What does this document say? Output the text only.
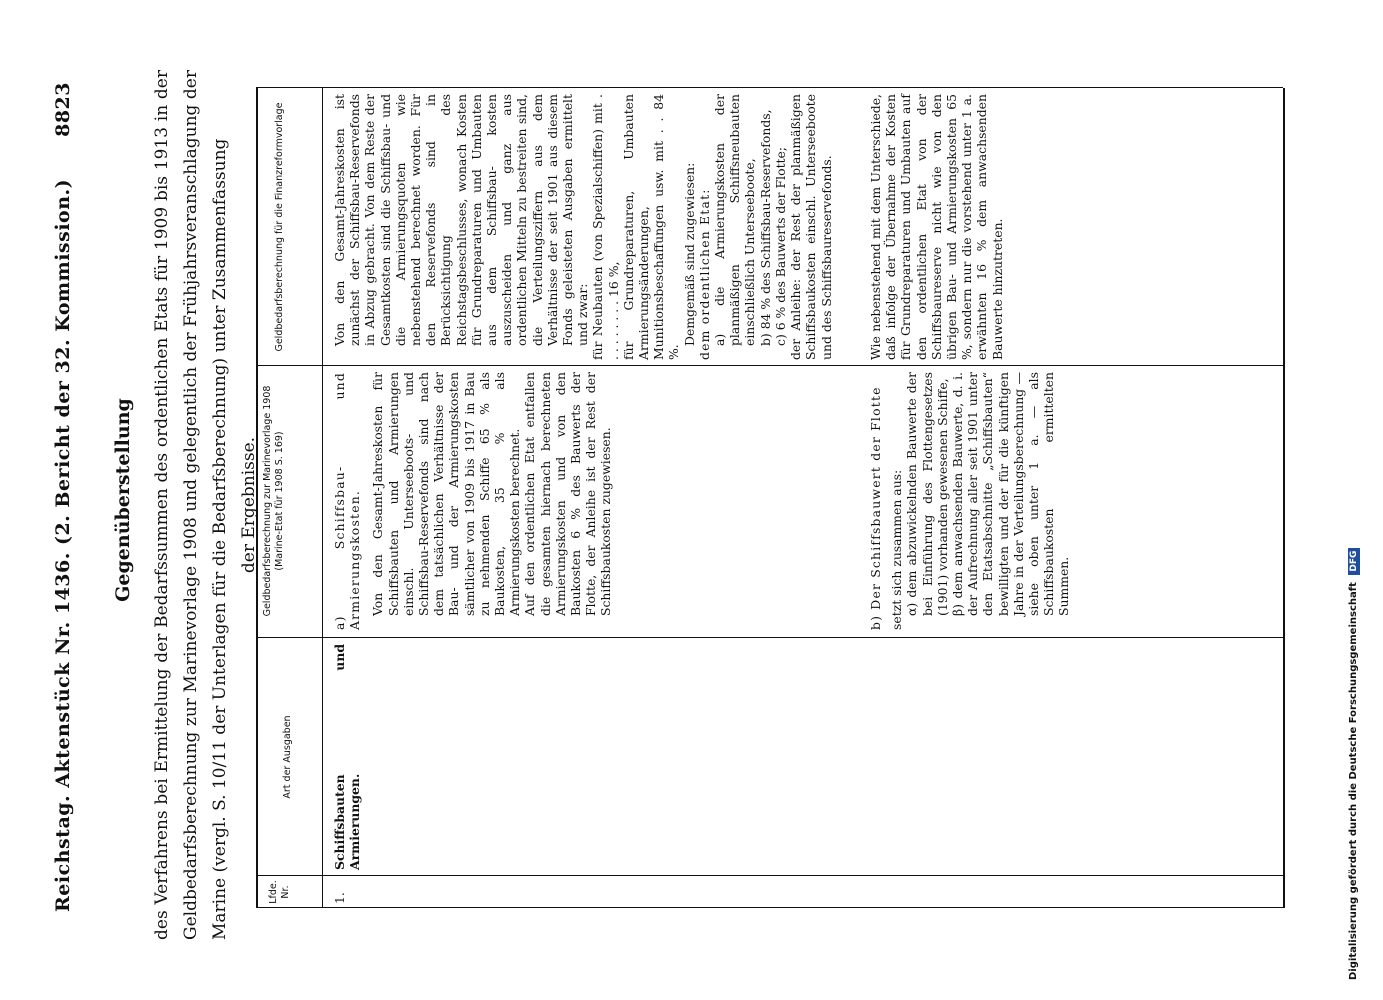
Reichstag. Aktenstück Nr. 1436. (2. Bericht der 32. Kommission.)
8823
Gegenüberstellung des Verfahrens bei Ermittelung der Bedarfssummen des ordentlichen Etats für 1909 bis 1913 in der Geldbedarfsberechnung zur Marinevorlage 1908 und gelegentlich der Frühjahrsveranschlagung der Marine (vergl. S. 10/11 der Unterlagen für die Bedarfsberechnung) unter Zusammenfassung der Ergebnisse.
Lfde. Nr.
Art der Ausgaben
Geldbedarfsberechnung zur Marinevorlage 1908 (Marine-Etat für 1908 S. 169)
Geldbedarfsberechnung für die Finanzreformvorlage
1.
Schiffsbauten und Armierungen.

a) Schiffsbau- und Armierungskosten. Von den Gesamt-Jahreskosten für Schiffsbauten und Armierungen einschl. Unterseeboots- und Schiffsbau-Reservefonds sind nach dem tatsächlichen Verhältnisse der Bau- und der Armierungskosten sämtlicher von 1909 bis 1917 in Bau zu nehmenden Schiffe 65 % als Baukosten, 35 % als Armierungskosten berechnet. Auf den ordentlichen Etat entfallen die gesamten hiernach berechneten Armierungskosten und von den Baukosten 6 % des Bauwerts der Flotte, der Anleihe ist der Rest der Schiffsbaukosten zugewiesen.	b) Der Schiffsbauwert der Flotte setzt sich zusammen aus: α) dem abzuwickelnden Bauwerte der bei Einführung des Flottengesetzes (1901) vorhanden gewesenen Schiffe, β) dem anwachsenden Bauwerte, d. i. der Aufrechnung aller seit 1901 unter den Etatsabschnitte „Schiffsbauten“ bewilligten und der für die künftigen Jahre in der Verteilungsberechnung — siehe oben unter 1 a. — als Schiffsbaukosten ermittelten Summen.

Von den Gesamt-Jahreskosten ist zunächst der Schiffsbau-Reservefonds in Abzug gebracht. Von dem Reste der Gesamtkosten sind die Schiffsbau- und die Armierungsquoten wie nebenstehend berechnet worden. Für den Reservefonds sind in Berücksichtigung des Reichstagsbeschlusses, wonach Kosten für Grundreparaturen und Umbauten aus dem Schiffsbau- kosten auszuscheiden und ganz aus ordentlichen Mitteln zu bestreiten sind, die Verteilungsziffern aus dem Verhältnisse der seit 1901 aus diesem Fonds geleisteten Ausgaben ermittelt und zwar: für Neubauten (von Spezialschiffen) mit . . . . . . . . . 16 %, für Grundreparaturen, Umbauten Armierungsänderungen, Munitionsbeschaffungen usw. mit . . 84 %.

Demgemäß sind zugewiesen: dem ordentlichen Etat: a) die Armierungskosten der planmäßigen Schiffsneubauten einschließlich Unterseeboote, b) 84 % des Schiffsbau-Reservefonds, c) 6 % des Bauwerts der Flotte; der Anleihe: der Rest der planmäßigen Schiffsbaukosten einschl. Unterseeboote und des Schiffsbaureservefonds.	Wie nebenstehend mit dem Unterschiede, daß infolge der Übernahme der Kosten für Grundreparaturen und Umbauten auf den ordentlichen Etat von der Schiffsbaureserve nicht wie von den übrigen Bau- und Armierungskosten 65 %, sondern nur die vorstehend unter 1 a. erwähnten 16 % dem anwachsenden Bauwerte hinzutreten.

Digitalisierung gefördert durch die Deutsche Forschungsgemeinschaft DFG
